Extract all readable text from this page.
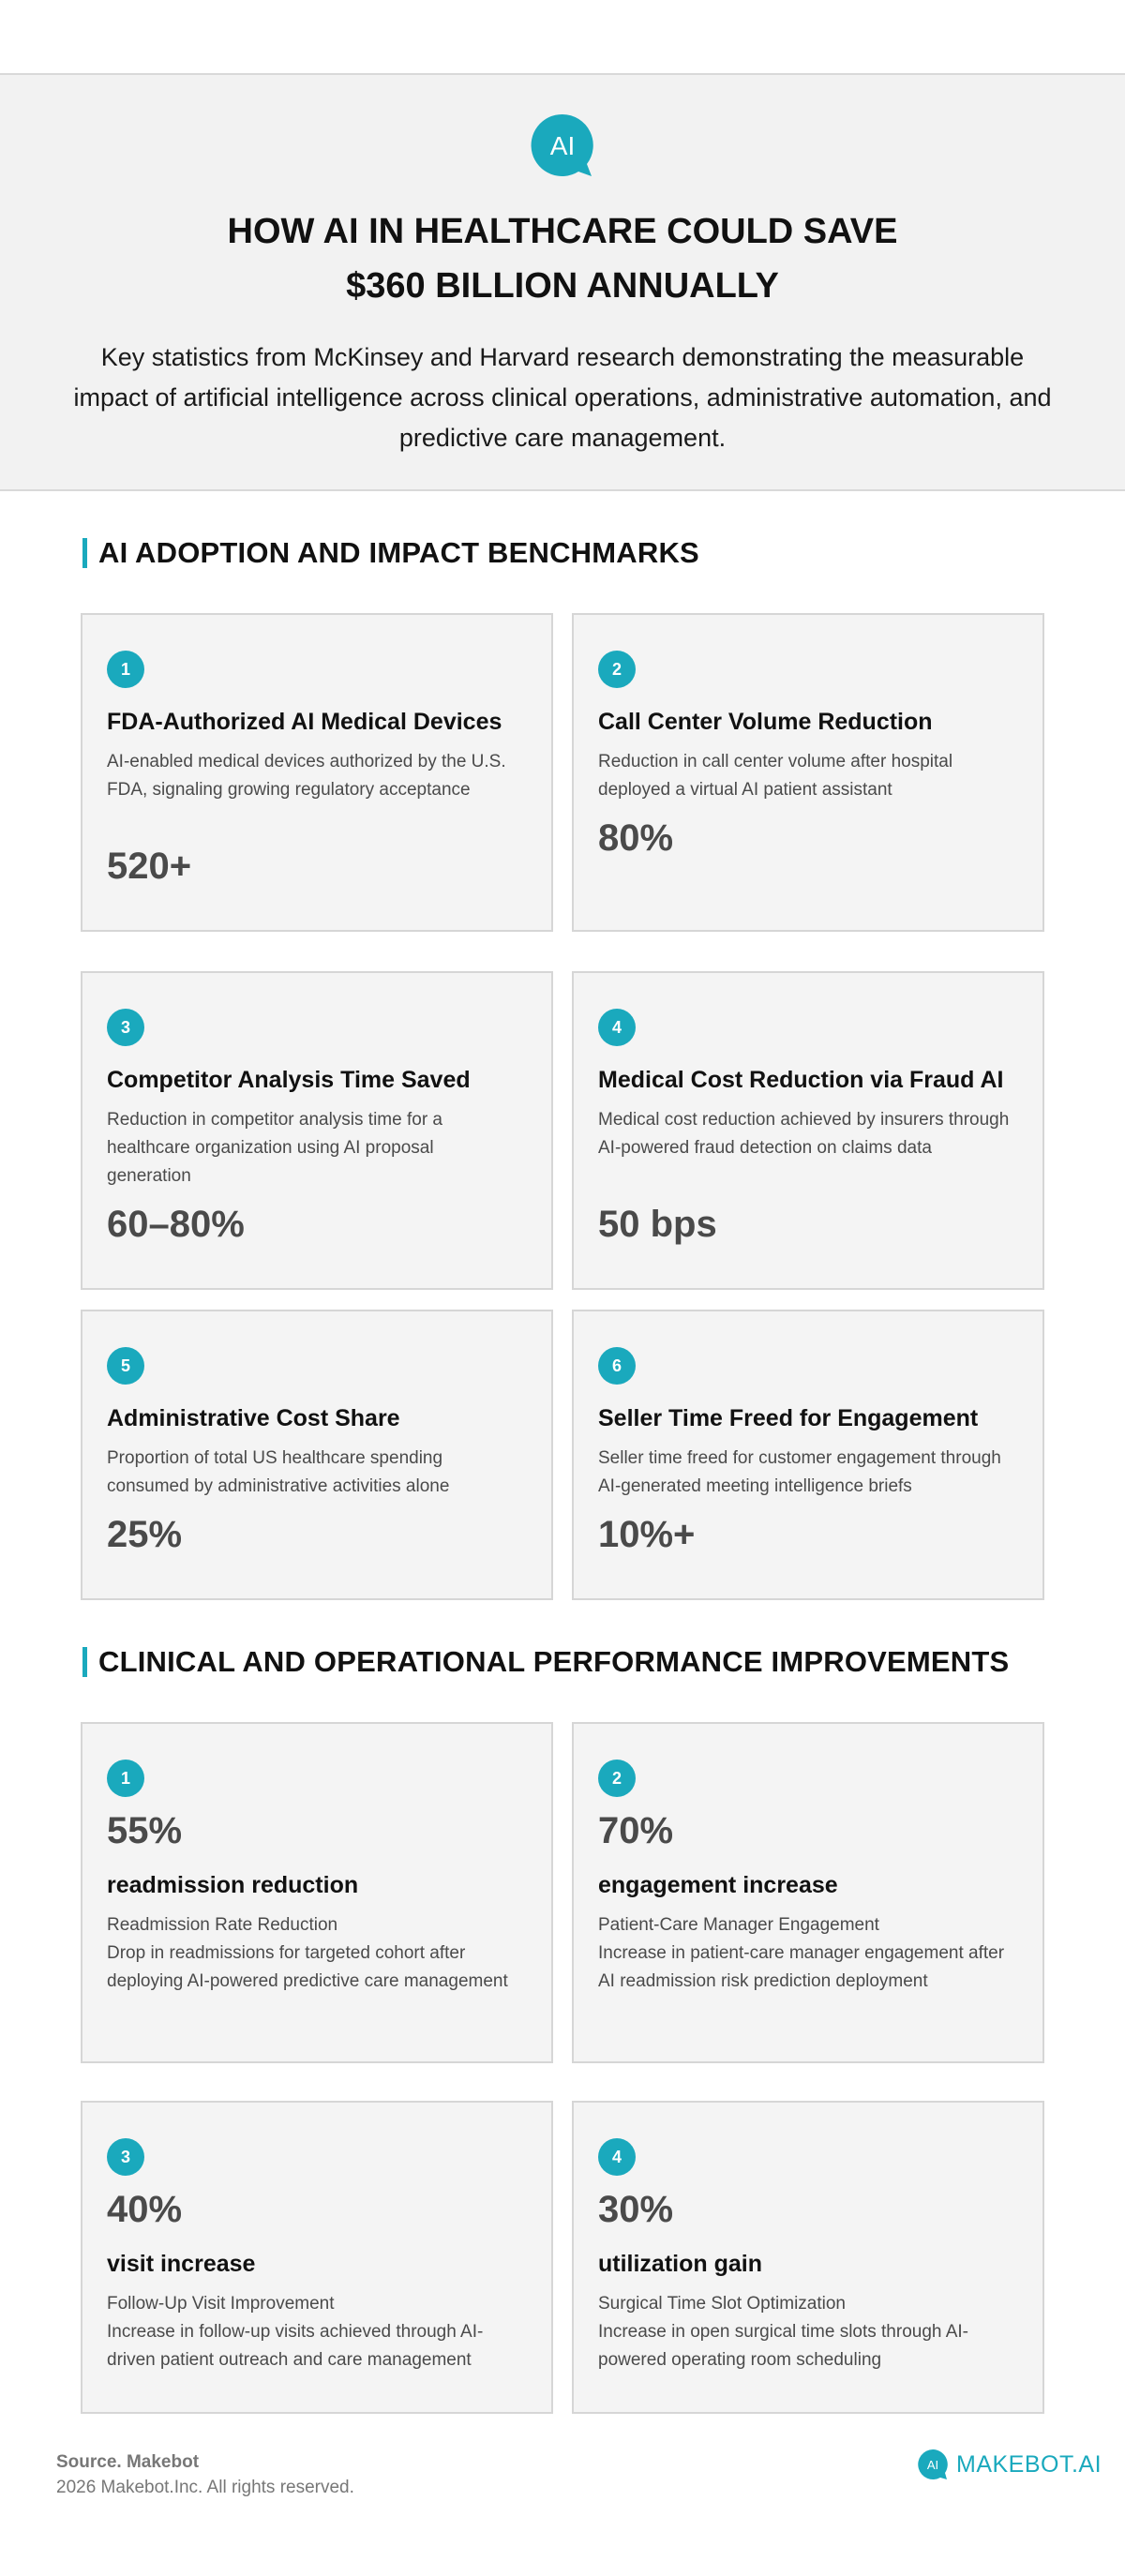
AI
HOW AI IN HEALTHCARE COULD SAVE
$360 BILLION ANNUALLY

Key statistics from McKinsey and Harvard research demonstrating the measurable impact of artificial intelligence across clinical operations, administrative automation, and predictive care management.

AI ADOPTION AND IMPACT BENCHMARKS
1
FDA-Authorized AI Medical Devices
AI-enabled medical devices authorized by the U.S. FDA, signaling growing regulatory acceptance
520+
2
Call Center Volume Reduction
Reduction in call center volume after hospital deployed a virtual AI patient assistant
80%
3
Competitor Analysis Time Saved
Reduction in competitor analysis time for a healthcare organization using AI proposal generation
60–80%
4
Medical Cost Reduction via Fraud AI
Medical cost reduction achieved by insurers through AI-powered fraud detection on claims data
50 bps
5
Administrative Cost Share
Proportion of total US healthcare spending consumed by administrative activities alone
25%
6
Seller Time Freed for Engagement
Seller time freed for customer engagement through AI-generated meeting intelligence briefs
10%+
CLINICAL AND OPERATIONAL PERFORMANCE IMPROVEMENTS
1
55%
readmission reduction
Readmission Rate Reduction
Drop in readmissions for targeted cohort after deploying AI-powered predictive care management
2
70%
engagement increase
Patient-Care Manager Engagement
Increase in patient-care manager engagement after AI readmission risk prediction deployment
3
40%
visit increase
Follow-Up Visit Improvement
Increase in follow-up visits achieved through AI-driven patient outreach and care management
4
30%
utilization gain
Surgical Time Slot Optimization
Increase in open surgical time slots through AI-powered operating room scheduling
Source. Makebot
2026 Makebot.Inc. All rights reserved.
AI MAKEBOT.AI
